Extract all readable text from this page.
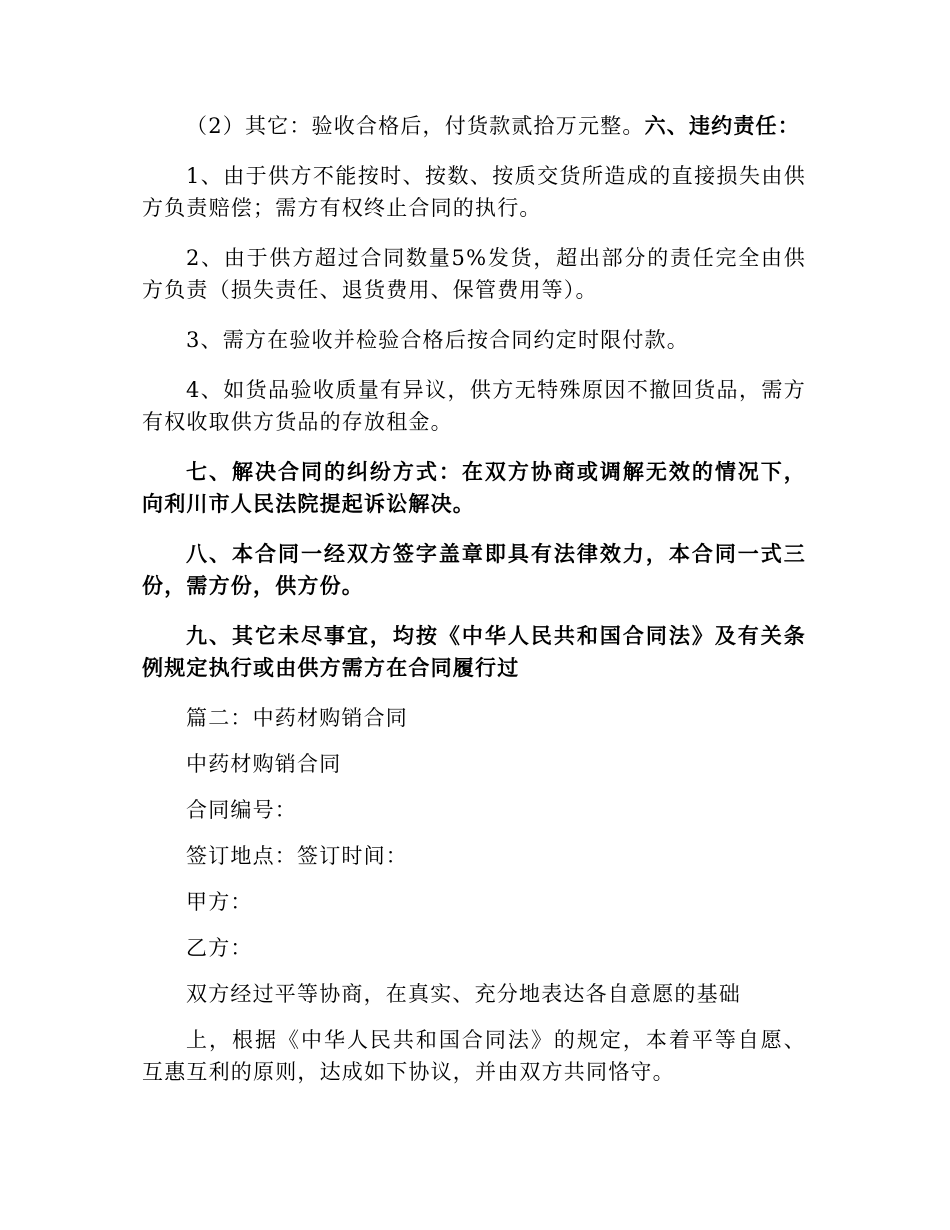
（2）其它：验收合格后，付货款贰拾万元整。六、违约责任：

1、由于供方不能按时、按数、按质交货所造成的直接损失由供方负责赔偿；需方有权终止合同的执行。

2、由于供方超过合同数量5%发货，超出部分的责任完全由供方负责（损失责任、退货费用、保管费用等）。

3、需方在验收并检验合格后按合同约定时限付款。

4、如货品验收质量有异议，供方无特殊原因不撤回货品，需方有权收取供方货品的存放租金。

七、解决合同的纠纷方式：在双方协商或调解无效的情况下，向利川市人民法院提起诉讼解决。

八、本合同一经双方签字盖章即具有法律效力，本合同一式三份，需方份，供方份。

九、其它未尽事宜，均按《中华人民共和国合同法》及有关条例规定执行或由供方需方在合同履行过

篇二：中药材购销合同

中药材购销合同

合同编号：

签订地点：签订时间：

甲方：

乙方：

双方经过平等协商，在真实、充分地表达各自意愿的基础

上，根据《中华人民共和国合同法》的规定，本着平等自愿、互惠互利的原则，达成如下协议，并由双方共同恪守。
